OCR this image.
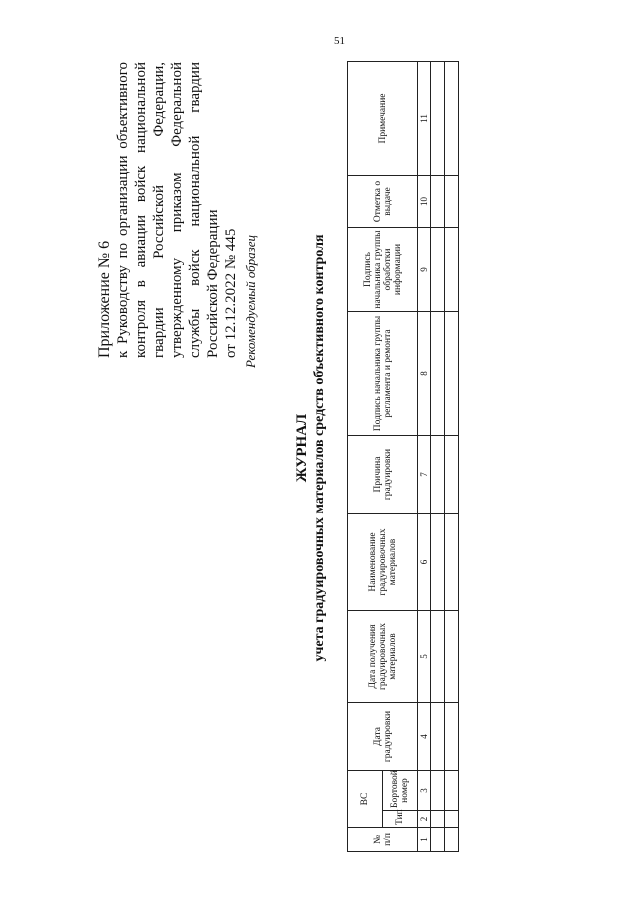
51
Приложение № 6 к Руководству по организации объективного контроля в авиации войск национальной гвардии Российской Федерации, утвержденному приказом Федеральной службы войск национальной гвардии Российской Федерации от 12.12.2022 № 445 Рекомендуемый образец
ЖУРНАЛ учета градуировочных материалов средств объективного контроля
№ п/п	ВС		Дата градуировки	Дата получения градуировочных материалов	Наименование градуировочных материалов	Причина градуировки	Подпись начальника группы регламента и ремонта	Подпись начальника группы обработки информации	Отметка о выдаче	Примечание
	Тип	Бортовой номер								
1	2	3	4	5	6	7	8	9	10	11
